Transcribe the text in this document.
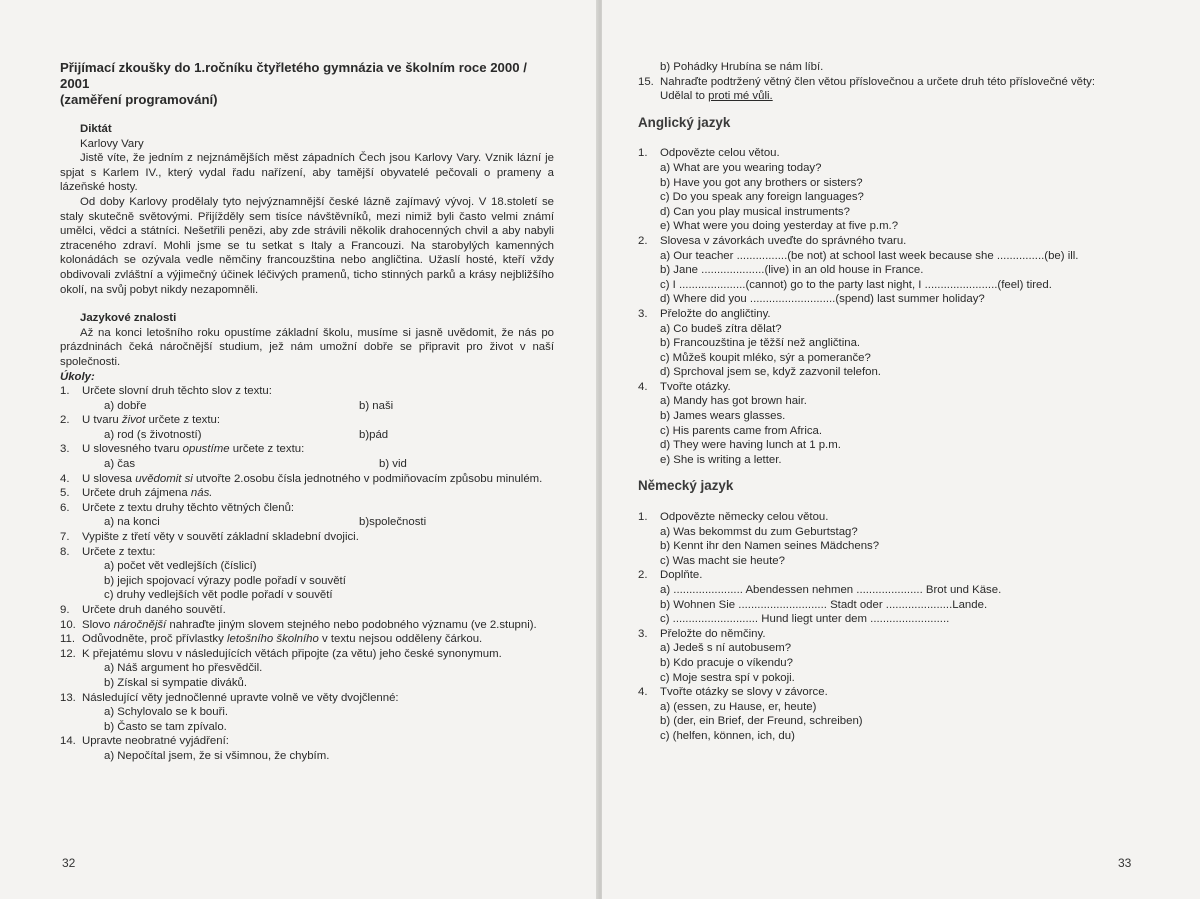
Přijímací zkoušky do 1.ročníku čtyřletého gymnázia ve školním roce 2000 / 2001
(zaměření programování)

Diktát

Karlovy Vary

Jistě víte, že jedním z nejznámějších měst západních Čech jsou Karlovy Vary. Vznik lázní je spjat s Karlem IV., který vydal řadu nařízení, aby tamější obyvatelé pečovali o prameny a lázeňské hosty.

Od doby Karlovy prodělaly tyto nejvýznamnější české lázně zajímavý vývoj. V 18.století se staly skutečně světovými. Přijížděly sem tisíce návštěvníků, mezi nimiž byli často velmi známí umělci, vědci a státníci. Nešetřili penězi, aby zde strávili několik drahocenných chvil a aby nabyli ztraceného zdraví. Mohli jsme se tu setkat s Italy a Francouzi. Na starobylých kamenných kolonádách se ozývala vedle němčiny francouzština nebo angličtina. Užaslí hosté, kteří vždy obdivovali zvláštní a výjimečný účinek léčivých pramenů, ticho stinných parků a krásy nejbližšího okolí, na svůj pobyt nikdy nezapomněli.

Jazykové znalosti

Až na konci letošního roku opustíme základní školu, musíme si jasně uvědomit, že nás po prázdninách čeká náročnější studium, jež nám umožní dobře se připravit pro život v naší společnosti.

Úkoly:

1.	Určete slovní druh těchto slov z textu:
a) dobře	b) naši
2.	U tvaru život určete z textu:
a) rod (s životností)	b)pád
3.	U slovesného tvaru opustíme určete z textu:
a) čas	b) vid
4.	U slovesa uvědomit si utvořte 2.osobu čísla jednotného v podmiňovacím způsobu minulém.
5.	Určete druh zájmena nás.
6.	Určete z textu druhy těchto větných členů:
a) na konci	b)společnosti
7.	Vypište z třetí věty v souvětí základní skladební dvojici.
8.	Určete z textu:
a) počet vět vedlejších (číslicí)
b) jejich spojovací výrazy podle pořadí v souvětí
c) druhy vedlejších vět podle pořadí v souvětí
9.	Určete druh daného souvětí.
10. Slovo náročnější nahraďte jiným slovem stejného nebo podobného významu (ve 2.stupni).
11. Odůvodněte, proč přívlastky letošního školního v textu nejsou odděleny čárkou.
12. K přejatému slovu v následujících větách připojte (za větu) jeho české synonymum.
a) Náš argument ho přesvědčil.
b) Získal si sympatie diváků.
13. Následující věty jednočlenné upravte volně ve věty dvojčlenné:
a) Schylovalo se k bouři.
b) Často se tam zpívalo.
14. Upravte neobratné vyjádření:
a) Nepočítal jsem, že si všimnou, že chybím.
32
b) Pohádky Hrubína se nám líbí.
15. Nahraďte podtržený větný člen větou příslovečnou a určete druh této příslovečné věty:
Udělal to proti mé vůli.

Anglický jazyk

1.	Odpovězte celou větou.
a) What are you wearing today?
b) Have you got any brothers or sisters?
c) Do you speak any foreign languages?
d) Can you play musical instruments?
e) What were you doing yesterday at five p.m.?
2.	Slovesa v závorkách uveďte do správného tvaru.
a) Our teacher ................(be not) at school last week because she ...............(be) ill.
b) Jane ....................(live) in an old house in France.
c) I .....................(cannot) go to the party last night, I .......................(feel) tired.
d) Where did you ...........................(spend) last summer holiday?
3.	Přeložte do angličtiny.
a) Co budeš zítra dělat?
b) Francouzština je těžší než angličtina.
c) Můžeš koupit mléko, sýr a pomeranče?
d) Sprchoval jsem se, když zazvonil telefon.
4.	Tvořte otázky.
a) Mandy has got brown hair.
b) James wears glasses.
c) His parents came from Africa.
d) They were having lunch at 1 p.m.
e) She is writing a letter.

Německý jazyk

1.	Odpovězte německy celou větou.
a) Was bekommst du zum Geburtstag?
b) Kennt ihr den Namen seines Mädchens?
c) Was macht sie heute?
2.	Doplňte.
a) ...................... Abendessen nehmen ..................... Brot und Käse.
b) Wohnen Sie ............................ Stadt oder .....................Lande.
c) ........................... Hund liegt unter dem .........................
3.	Přeložte do němčiny.
a) Jedeš s ní autobusem?
b) Kdo pracuje o víkendu?
c) Moje sestra spí v pokoji.
4.	Tvořte otázky se slovy v závorce.
a) (essen, zu Hause, er, heute)
b) (der, ein Brief, der Freund, schreiben)
c) (helfen, können, ich, du)
33
